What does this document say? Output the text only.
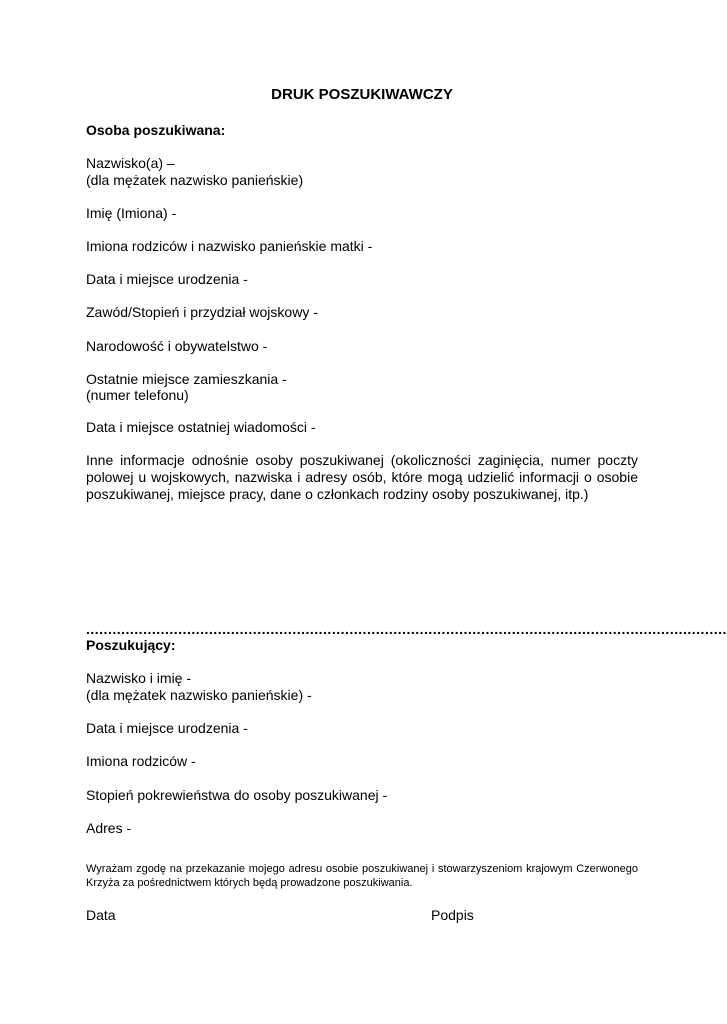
DRUK POSZUKIWAWCZY
Osoba poszukiwana:
Nazwisko(a) –
(dla mężatek nazwisko panieńskie)
Imię (Imiona) -
Imiona rodziców i nazwisko panieńskie matki -
Data i miejsce urodzenia -
Zawód/Stopień i przydział wojskowy -
Narodowość i obywatelstwo -
Ostatnie miejsce zamieszkania -
(numer telefonu)
Data i miejsce ostatniej wiadomości -
Inne informacje odnośnie osoby poszukiwanej (okoliczności zaginięcia, numer poczty polowej u wojskowych, nazwiska i adresy osób, które mogą udzielić informacji o osobie poszukiwanej, miejsce pracy, dane o członkach rodziny osoby poszukiwanej, itp.)
..................................................................................................................................................
Poszukujący:
Nazwisko i imię -
(dla mężatek nazwisko panieńskie) -
Data i miejsce urodzenia -
Imiona rodziców -
Stopień pokrewieństwa do osoby poszukiwanej -
Adres -
Wyrażam zgodę na przekazanie mojego adresu osobie poszukiwanej i stowarzyszeniom krajowym Czerwonego Krzyża za pośrednictwem których będą prowadzone poszukiwania.
Data	Podpis
